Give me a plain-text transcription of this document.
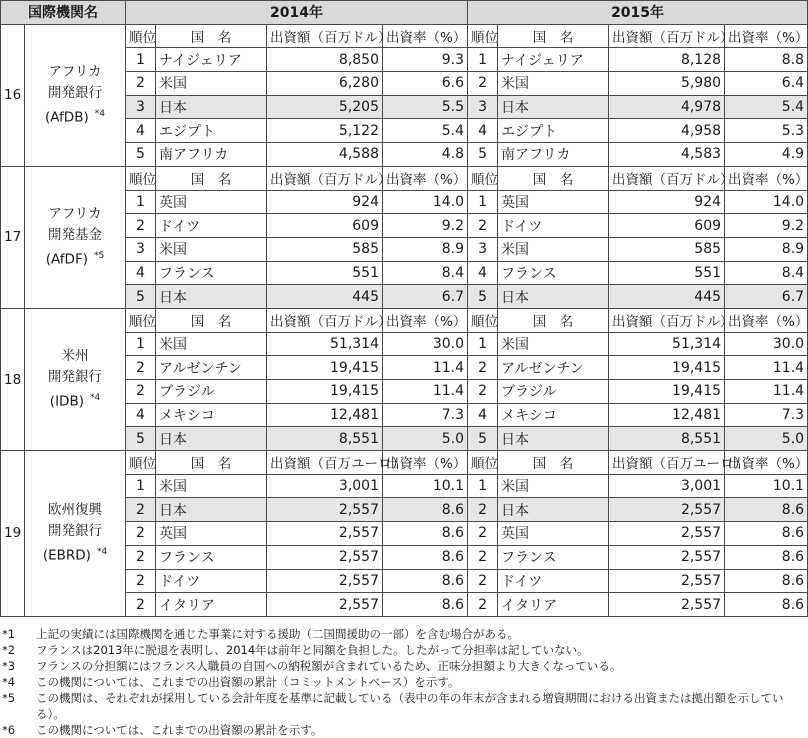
国際機関名		2014年				2015年			
16	アフリカ
開発銀行
(AfDB) $^{*4}$	順位	国　名	出資額（百万ドル）	出資率（%）	順位	国　名	出資額（百万ドル）	出資率（%）
		1	ナイジェリア	8,850	9.3	1	ナイジェリア	8,128	8.8
		2	米国	6,280	6.6	2	米国	5,980	6.4
		3	日本	5,205	5.5	3	日本	4,978	5.4
		4	エジプト	5,122	5.4	4	エジプト	4,958	5.3
		5	南アフリカ	4,588	4.8	5	南アフリカ	4,583	4.9
17	アフリカ
開発基金
(AfDF) $^{*5}$	順位	国　名	出資額（百万ドル）	出資率（%）	順位	国　名	出資額（百万ドル）	出資率（%）
		1	英国	924	14.0	1	英国	924	14.0
		2	ドイツ	609	9.2	2	ドイツ	609	9.2
		3	米国	585	8.9	3	米国	585	8.9
		4	フランス	551	8.4	4	フランス	551	8.4
		5	日本	445	6.7	5	日本	445	6.7
18	米州
開発銀行
(IDB) $^{*4}$	順位	国　名	出資額（百万ドル）	出資率（%）	順位	国　名	出資額（百万ドル）	出資率（%）
		1	米国	51,314	30.0	1	米国	51,314	30.0
		2	アルゼンチン	19,415	11.4	2	アルゼンチン	19,415	11.4
		2	ブラジル	19,415	11.4	2	ブラジル	19,415	11.4
		4	メキシコ	12,481	7.3	4	メキシコ	12,481	7.3
		5	日本	8,551	5.0	5	日本	8,551	5.0
19	欧州復興
開発銀行
(EBRD) $^{*4}$	順位	国　名	出資額（百万ユーロ）	出資率（%）	順位	国　名	出資額（百万ユーロ）	出資率（%）
		1	米国	3,001	10.1	1	米国	3,001	10.1
		2	日本	2,557	8.6	2	日本	2,557	8.6
		2	英国	2,557	8.6	2	英国	2,557	8.6
		2	フランス	2,557	8.6	2	フランス	2,557	8.6
		2	ドイツ	2,557	8.6	2	ドイツ	2,557	8.6
		2	イタリア	2,557	8.6	2	イタリア	2,557	8.6
*1	上記の実績には国際機関を通じた事業に対する援助（二国間援助の一部）を含む場合がある。
*2	フランスは2013年に脱退を表明し、2014年は前年と同額を負担した。したがって分担率は記していない。
*3	フランスの分担額にはフランス人職員の自国への納税額が含まれているため、正味分担額より大きくなっている。
*4	この機関については、これまでの出資額の累計（コミットメントベース）を示す。
*5	この機関は、それぞれが採用している会計年度を基準に記載している（表中の年の年末が含まれる増資期間における出資または拠出額を示している）。
*6	この機関については、これまでの出資額の累計を示す。
